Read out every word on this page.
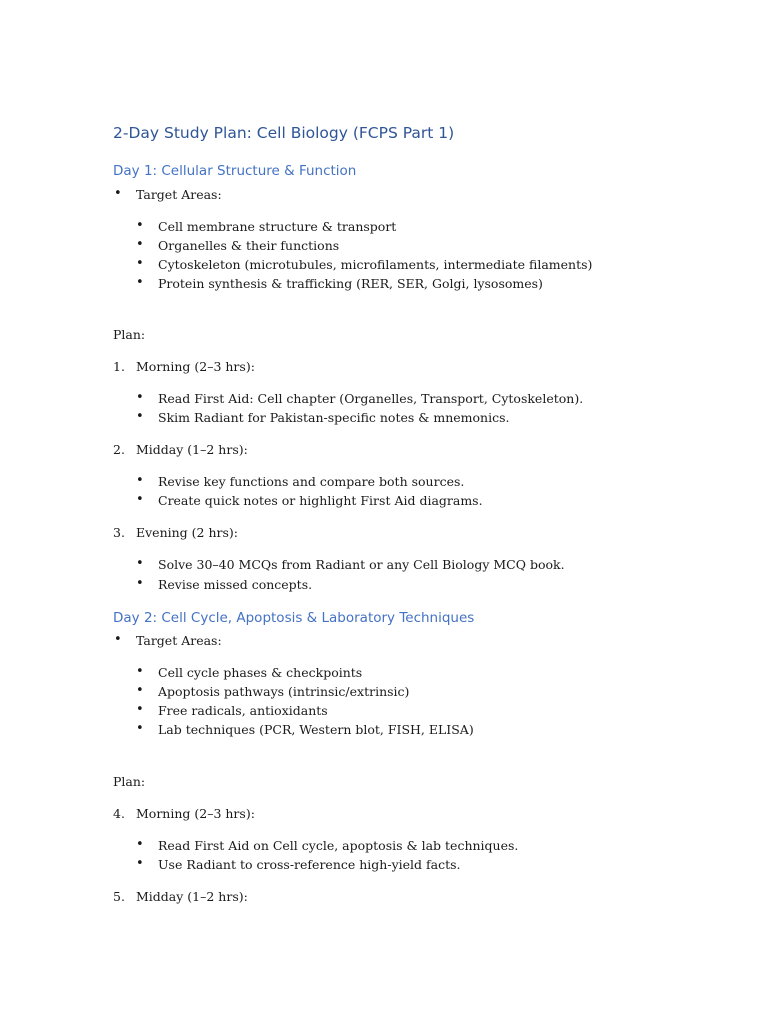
2-Day Study Plan: Cell Biology (FCPS Part 1)
Day 1: Cellular Structure & Function

• Target Areas:

• Cell membrane structure & transport

• Organelles & their functions

• Cytoskeleton (microtubules, microfilaments, intermediate filaments)

• Protein synthesis & trafficking (RER, SER, Golgi, lysosomes)

Plan:

1. Morning (2–3 hrs):

• Read First Aid: Cell chapter (Organelles, Transport, Cytoskeleton).

• Skim Radiant for Pakistan-specific notes & mnemonics.

2. Midday (1–2 hrs):

• Revise key functions and compare both sources.

• Create quick notes or highlight First Aid diagrams.

3. Evening (2 hrs):

• Solve 30–40 MCQs from Radiant or any Cell Biology MCQ book.

• Revise missed concepts.

Day 2: Cell Cycle, Apoptosis & Laboratory Techniques

• Target Areas:

• Cell cycle phases & checkpoints

• Apoptosis pathways (intrinsic/extrinsic)

• Free radicals, antioxidants

• Lab techniques (PCR, Western blot, FISH, ELISA)

Plan:

4. Morning (2–3 hrs):

• Read First Aid on Cell cycle, apoptosis & lab techniques.

• Use Radiant to cross-reference high-yield facts.

5. Midday (1–2 hrs):
